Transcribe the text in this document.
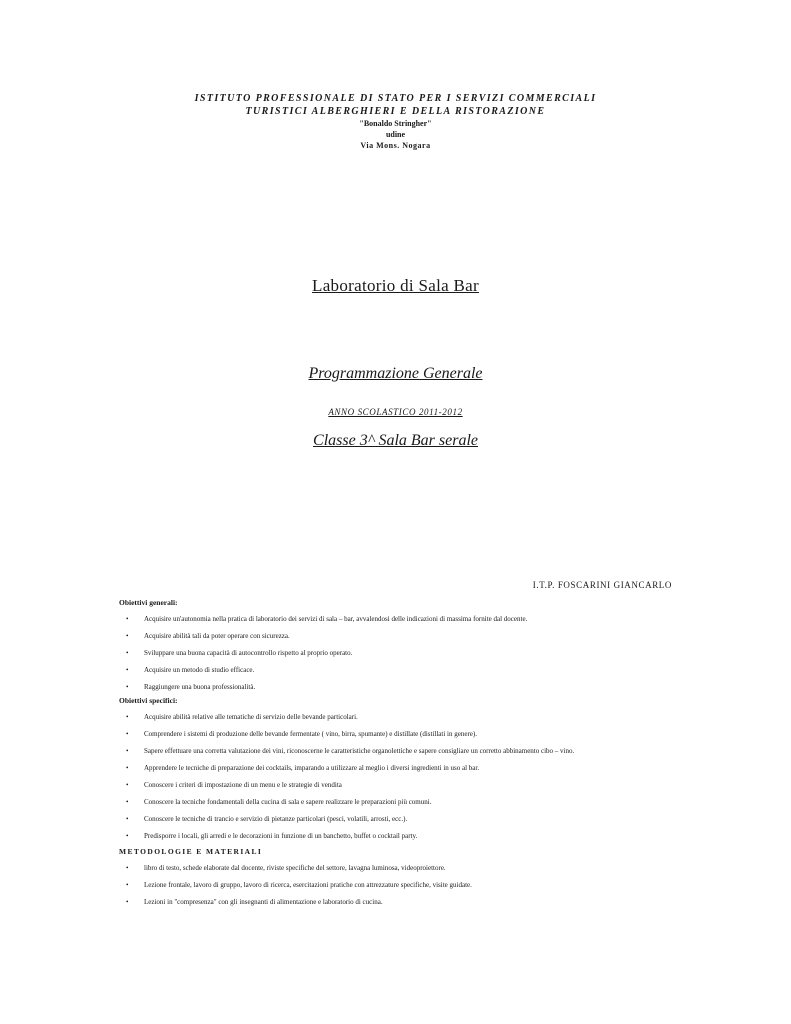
ISTITUTO PROFESSIONALE DI STATO PER I SERVIZI COMMERCIALI
TURISTICI ALBERGHIERI E DELLA RISTORAZIONE
"Bonaldo Stringher"
udine
Via Mons. Nogara
Laboratorio di Sala Bar
Programmazione Generale
ANNO SCOLASTICO 2011-2012
Classe 3^ Sala Bar serale
I.T.P. FOSCARINI GIANCARLO
Obiettivi generali:
• Acquisire un'autonomia nella pratica di laboratorio dei servizi di sala – bar, avvalendosi delle indicazioni di massima fornite dal docente.
• Acquisire abilità tali da poter operare con sicurezza.
• Sviluppare una buona capacità di autocontrollo rispetto al proprio operato.
• Acquisire un metodo di studio efficace.
• Raggiungere una buona professionalità.
Obiettivi specifici:
• Acquisire abilità relative alle tematiche di servizio delle bevande particolari.
• Comprendere i sistemi di produzione delle bevande fermentate ( vino, birra, spumante) e distillate (distillati in genere).
• Sapere effettuare una corretta valutazione dei vini, riconoscerne le caratteristiche organolettiche e sapere consigliare un corretto abbinamento cibo – vino.
• Apprendere le tecniche di preparazione dei cocktails, imparando a utilizzare al meglio i diversi ingredienti in uso al bar.
• Conoscere i criteri di impostazione di un menu e le strategie di vendita
• Conoscere la tecniche fondamentali della cucina di sala e sapere realizzare le preparazioni più comuni.
• Conoscere le tecniche di trancio e servizio di pietanze particolari (pesci, volatili, arrosti, ecc.).
• Predisporre i locali, gli arredi e le decorazioni in funzione di un banchetto, buffet o cocktail party.
METODOLOGIE E MATERIALI
• libro di testo, schede elaborate dal docente, riviste specifiche del settore, lavagna luminosa, videoproiettore.
• Lezione frontale, lavoro di gruppo, lavoro di ricerca, esercitazioni pratiche con attrezzature specifiche, visite guidate.
• Lezioni in "compresenza" con gli insegnanti di alimentazione e laboratorio di cucina.
